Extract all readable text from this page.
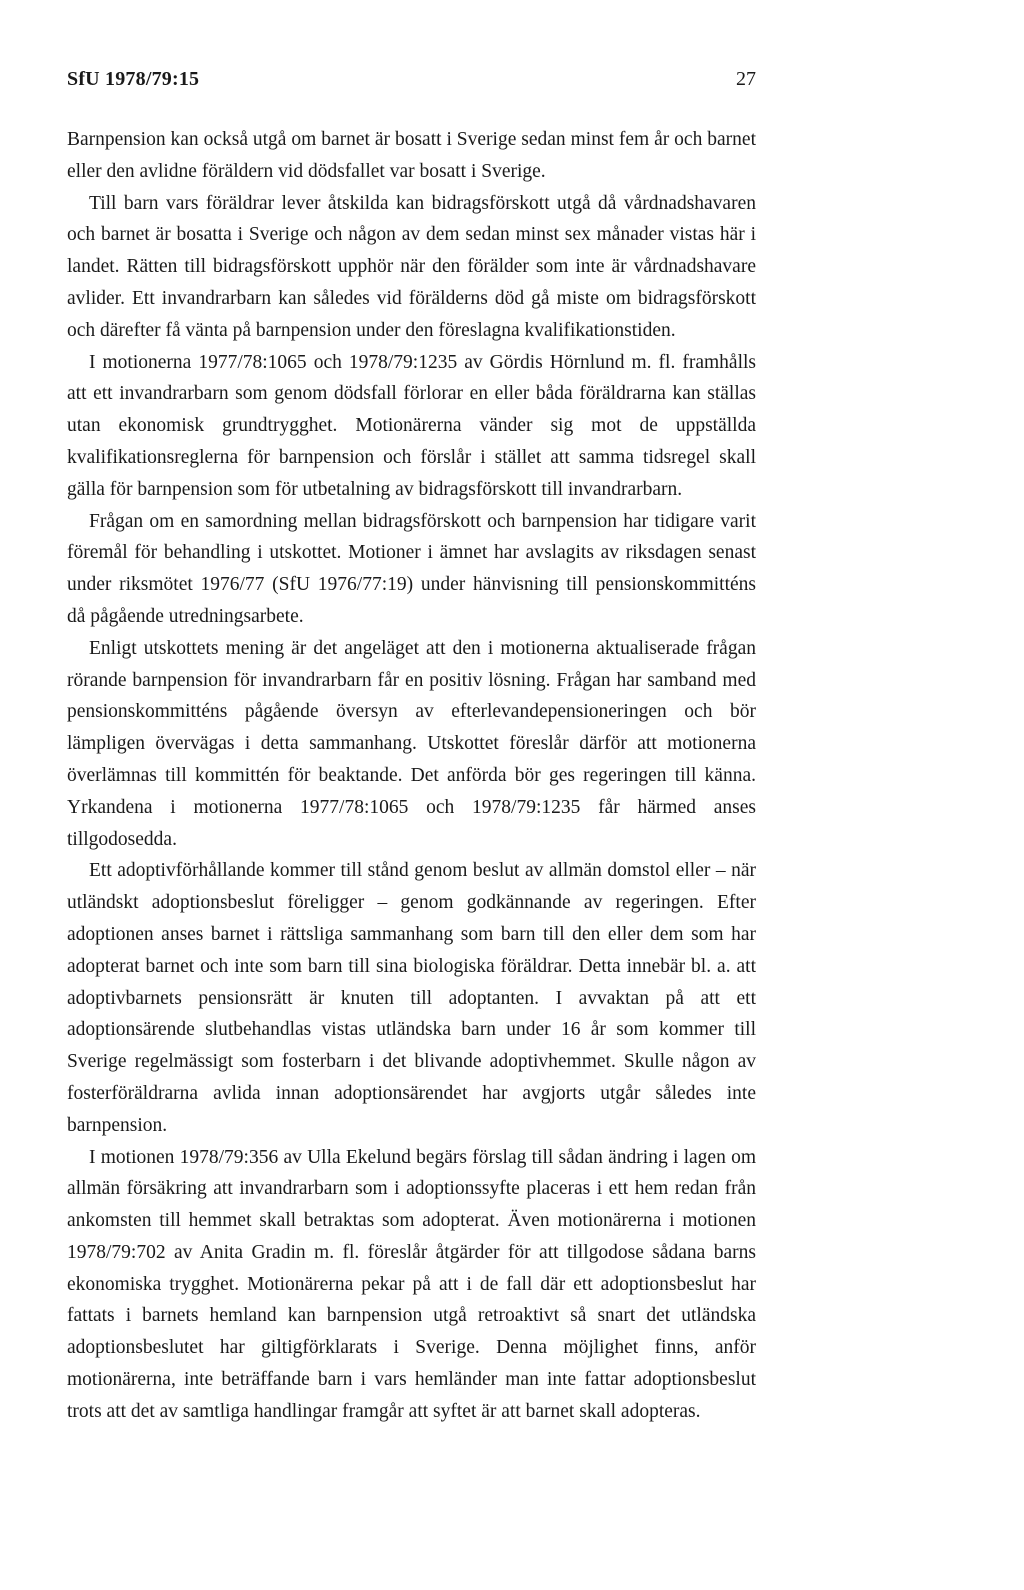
SfU 1978/79:15	27

Barnpension kan också utgå om barnet är bosatt i Sverige sedan minst fem år och barnet eller den avlidne föräldern vid dödsfallet var bosatt i Sverige.

Till barn vars föräldrar lever åtskilda kan bidragsförskott utgå då vårdnadshavaren och barnet är bosatta i Sverige och någon av dem sedan minst sex månader vistas här i landet. Rätten till bidragsförskott upphör när den förälder som inte är vårdnadshavare avlider. Ett invandrarbarn kan således vid förälderns död gå miste om bidragsförskott och därefter få vänta på barnpension under den föreslagna kvalifikationstiden.

I motionerna 1977/78:1065 och 1978/79:1235 av Gördis Hörnlund m. fl. framhålls att ett invandrarbarn som genom dödsfall förlorar en eller båda föräldrarna kan ställas utan ekonomisk grundtrygghet. Motionärerna vänder sig mot de uppställda kvalifikationsreglerna för barnpension och förslår i stället att samma tidsregel skall gälla för barnpension som för utbetalning av bidragsförskott till invandrarbarn.

Frågan om en samordning mellan bidragsförskott och barnpension har tidigare varit föremål för behandling i utskottet. Motioner i ämnet har avslagits av riksdagen senast under riksmötet 1976/77 (SfU 1976/77:19) under hänvisning till pensionskommitténs då pågående utredningsarbete.

Enligt utskottets mening är det angeläget att den i motionerna aktualiserade frågan rörande barnpension för invandrarbarn får en positiv lösning. Frågan har samband med pensionskommitténs pågående översyn av efterlevandepensioneringen och bör lämpligen övervägas i detta sammanhang. Utskottet föreslår därför att motionerna överlämnas till kommittén för beaktande. Det anförda bör ges regeringen till känna. Yrkandena i motionerna 1977/78:1065 och 1978/79:1235 får härmed anses tillgodosedda.

Ett adoptivförhållande kommer till stånd genom beslut av allmän domstol eller – när utländskt adoptionsbeslut föreligger – genom godkännande av regeringen. Efter adoptionen anses barnet i rättsliga sammanhang som barn till den eller dem som har adopterat barnet och inte som barn till sina biologiska föräldrar. Detta innebär bl. a. att adoptivbarnets pensionsrätt är knuten till adoptanten. I avvaktan på att ett adoptionsärende slutbehandlas vistas utländska barn under 16 år som kommer till Sverige regelmässigt som fosterbarn i det blivande adoptivhemmet. Skulle någon av fosterföräldrarna avlida innan adoptionsärendet har avgjorts utgår således inte barnpension.

I motionen 1978/79:356 av Ulla Ekelund begärs förslag till sådan ändring i lagen om allmän försäkring att invandrarbarn som i adoptionssyfte placeras i ett hem redan från ankomsten till hemmet skall betraktas som adopterat. Även motionärerna i motionen 1978/79:702 av Anita Gradin m. fl. föreslår åtgärder för att tillgodose sådana barns ekonomiska trygghet. Motionärerna pekar på att i de fall där ett adoptionsbeslut har fattats i barnets hemland kan barnpension utgå retroaktivt så snart det utländska adoptionsbeslutet har giltigförklarats i Sverige. Denna möjlighet finns, anför motionärerna, inte beträffande barn i vars hemländer man inte fattar adoptionsbeslut trots att det av samtliga handlingar framgår att syftet är att barnet skall adopteras.
